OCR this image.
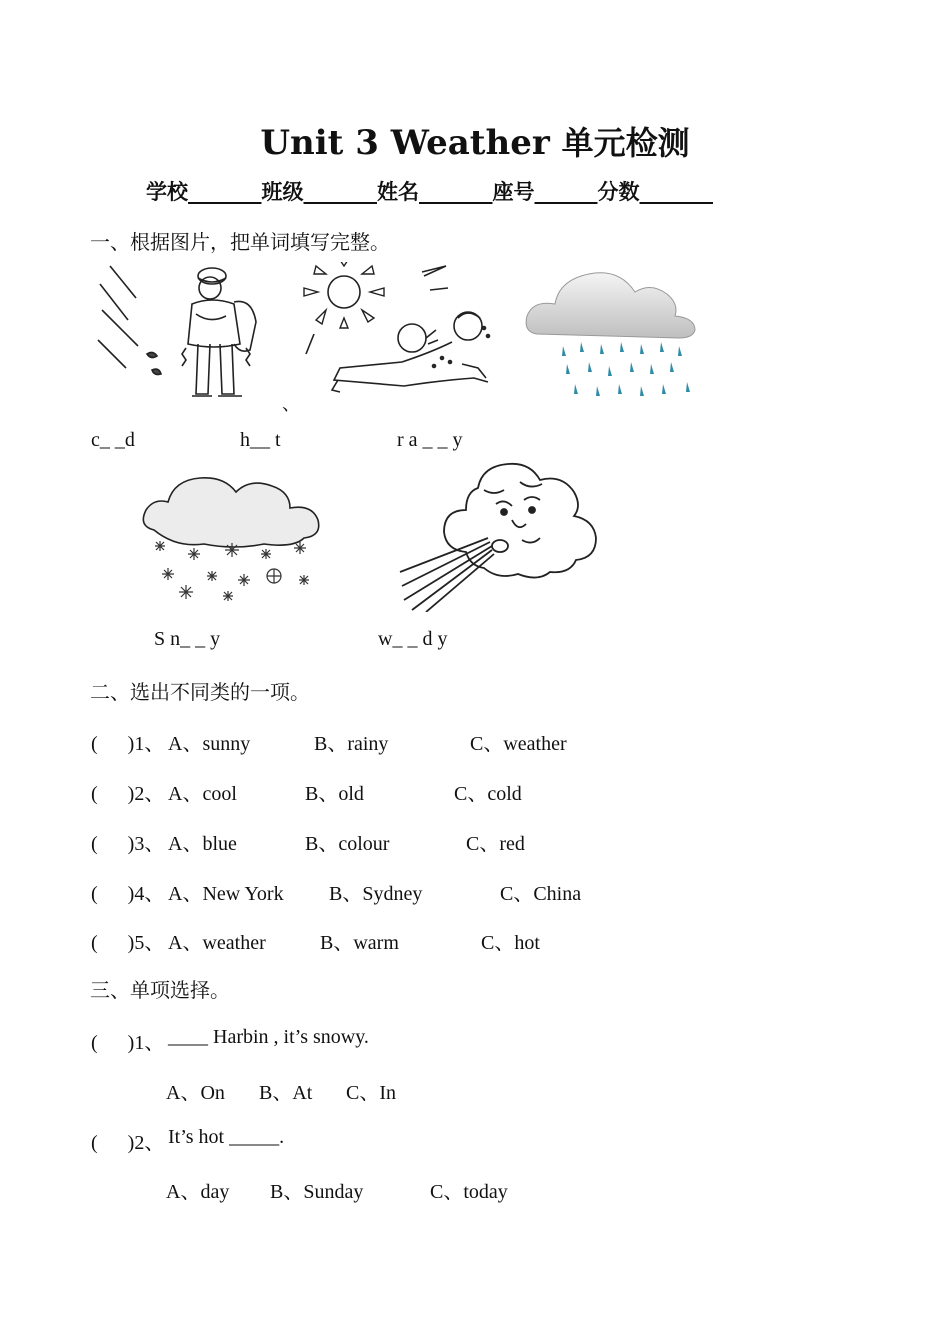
Unit 3 Weather 单元检测
学校_______班级_______姓名_______座号______分数_______
一、根据图片，把单词填写完整。
、
c_ _d	h__ t	r a _ _ y
S n_ _ y	w_ _ d y
二、选出不同类的一项。
(      )1、 A、sunny	B、rainy	C、weather
(      )2、 A、cool	B、old	C、cold
(      )3、 A、blue	B、colour	C、red
(      )4、 A、New York B、Sydney	C、China
(      )5、 A、weather	B、warm	C、hot
三、单项选择。
(      )1、 ____ Harbin , it’s snowy.
A、On B、At C、In
(      )2、 It’s hot _____.
A、day B、Sunday	C、today
